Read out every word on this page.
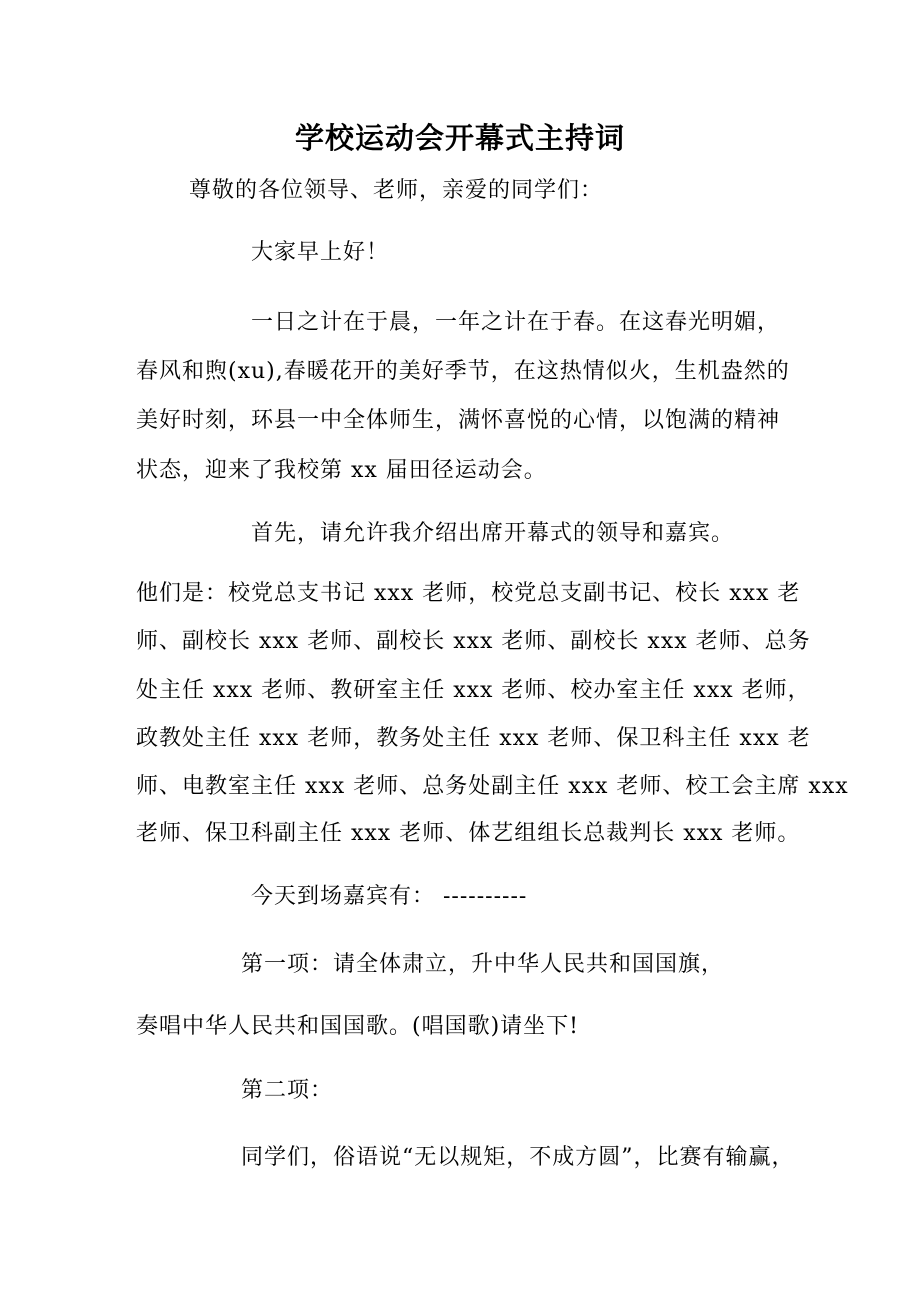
学校运动会开幕式主持词
尊敬的各位领导、老师，亲爱的同学们：
大家早上好！
一日之计在于晨，一年之计在于春。在这春光明媚，
春风和煦(xu),春暖花开的美好季节，在这热情似火，生机盎然的
美好时刻，环县一中全体师生，满怀喜悦的心情，以饱满的精神
状态，迎来了我校第 xx 届田径运动会。
首先，请允许我介绍出席开幕式的领导和嘉宾。
他们是：校党总支书记 xxx 老师，校党总支副书记、校长 xxx 老
师、副校长 xxx 老师、副校长 xxx 老师、副校长 xxx 老师、总务
处主任 xxx 老师、教研室主任 xxx 老师、校办室主任 xxx 老师，
政教处主任 xxx 老师，教务处主任 xxx 老师、保卫科主任 xxx 老
师、电教室主任 xxx 老师、总务处副主任 xxx 老师、校工会主席 xxx
老师、保卫科副主任 xxx 老师、体艺组组长总裁判长 xxx 老师。
今天到场嘉宾有： ----------
第一项：请全体肃立，升中华人民共和国国旗，
奏唱中华人民共和国国歌。(唱国歌)请坐下!
第二项：
同学们，俗语说“无以规矩，不成方圆”，比赛有输赢，
